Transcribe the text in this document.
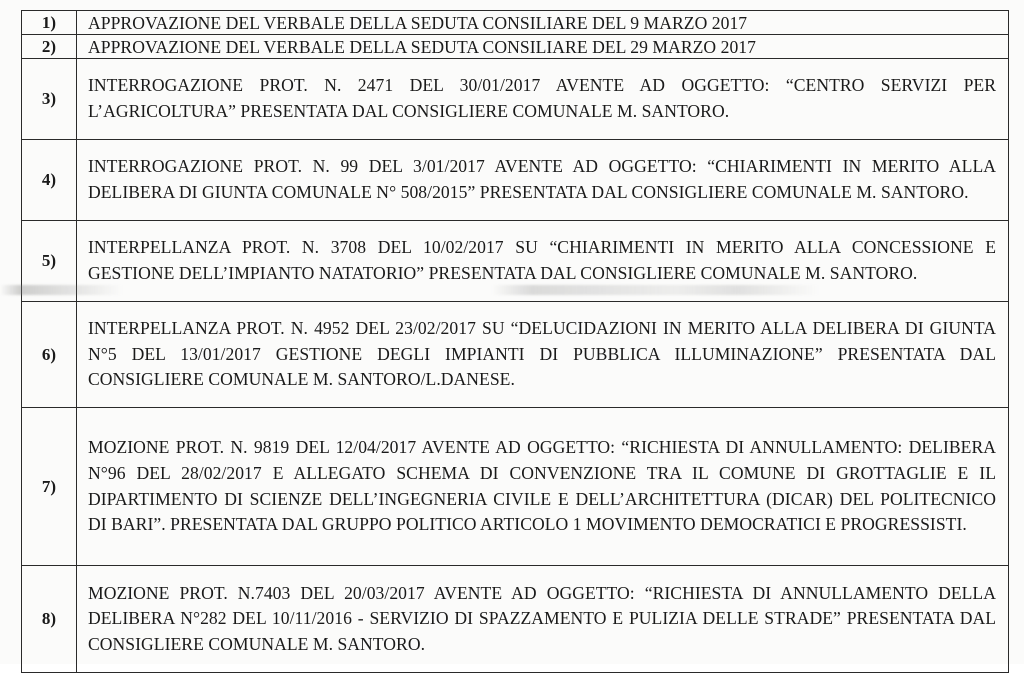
1)	APPROVAZIONE DEL VERBALE DELLA SEDUTA CONSILIARE DEL 9 MARZO 2017
2)	APPROVAZIONE DEL VERBALE DELLA SEDUTA CONSILIARE DEL 29 MARZO 2017
3)	INTERROGAZIONE PROT. N. 2471 DEL 30/01/2017 AVENTE AD OGGETTO: “CENTRO SERVIZI PER L’AGRICOLTURA” PRESENTATA DAL CONSIGLIERE COMUNALE M. SANTORO.
4)	INTERROGAZIONE PROT. N. 99 DEL 3/01/2017 AVENTE AD OGGETTO: “CHIARIMENTI IN MERITO ALLA DELIBERA DI GIUNTA COMUNALE N° 508/2015” PRESENTATA DAL CONSIGLIERE COMUNALE M. SANTORO.
5)	INTERPELLANZA PROT. N. 3708 DEL 10/02/2017 SU “CHIARIMENTI IN MERITO ALLA CONCESSIONE E GESTIONE DELL’IMPIANTO NATATORIO” PRESENTATA DAL CONSIGLIERE COMUNALE M. SANTORO.
6)	INTERPELLANZA PROT. N. 4952 DEL 23/02/2017 SU “DELUCIDAZIONI IN MERITO ALLA DELIBERA DI GIUNTA N°5 DEL 13/01/2017 GESTIONE DEGLI IMPIANTI DI PUBBLICA ILLUMINAZIONE” PRESENTATA DAL CONSIGLIERE COMUNALE M. SANTORO/L.DANESE.
7)	MOZIONE PROT. N. 9819 DEL 12/04/2017 AVENTE AD OGGETTO: “RICHIESTA DI ANNULLAMENTO: DELIBERA N°96 DEL 28/02/2017 E ALLEGATO SCHEMA DI CONVENZIONE TRA IL COMUNE DI GROTTAGLIE E IL DIPARTIMENTO DI SCIENZE DELL’INGEGNERIA CIVILE E DELL’ARCHITETTURA (DICAR) DEL POLITECNICO DI BARI”. PRESENTATA DAL GRUPPO POLITICO ARTICOLO 1 MOVIMENTO DEMOCRATICI E PROGRESSISTI.
8)	MOZIONE PROT. N.7403 DEL 20/03/2017 AVENTE AD OGGETTO: “RICHIESTA DI ANNULLAMENTO DELLA DELIBERA N°282 DEL 10/11/2016 - SERVIZIO DI SPAZZAMENTO E PULIZIA DELLE STRADE” PRESENTATA DAL CONSIGLIERE COMUNALE M. SANTORO.
